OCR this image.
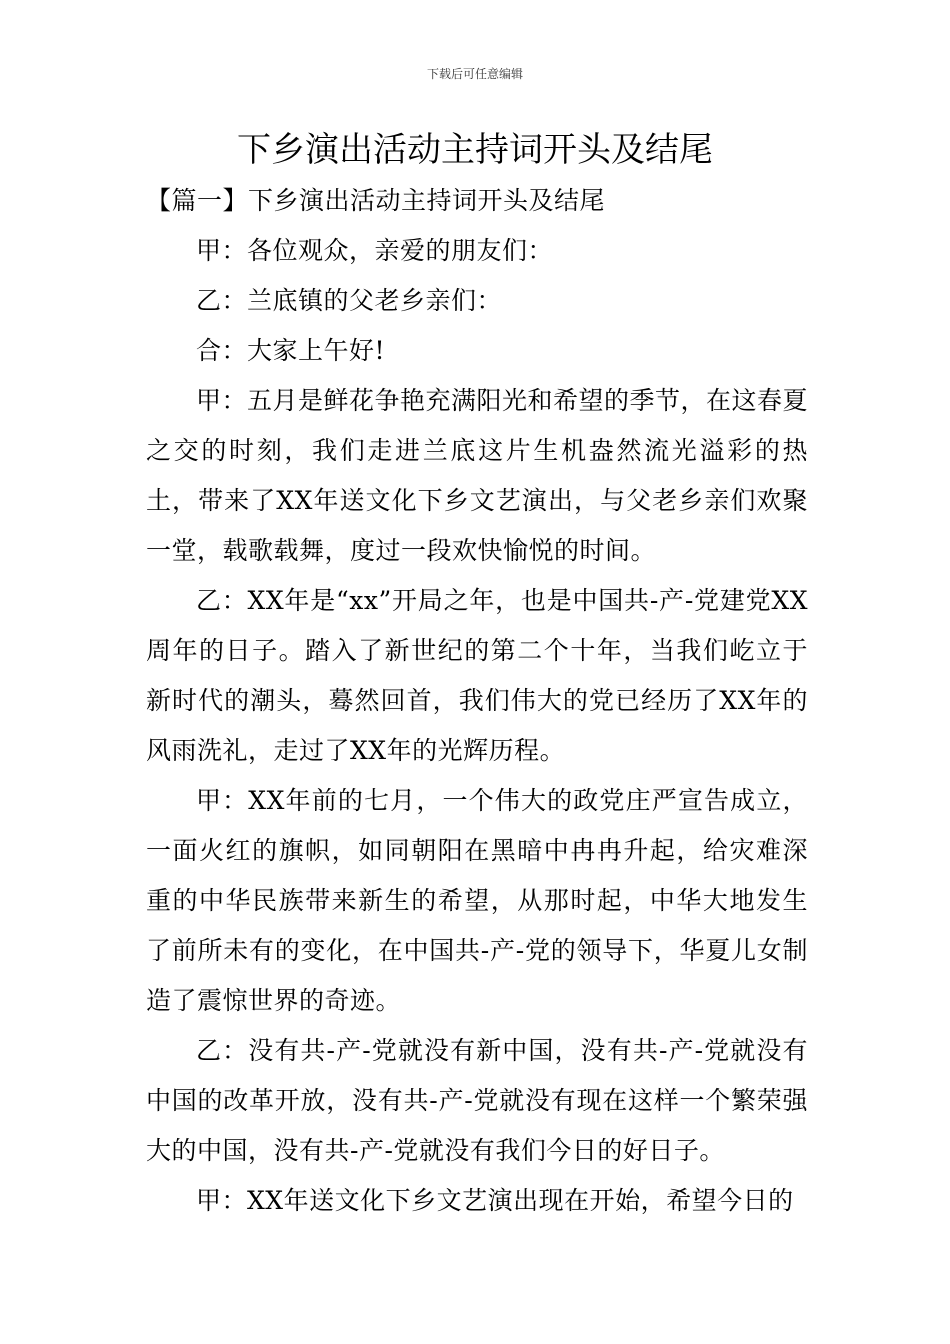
下载后可任意编辑
下乡演出活动主持词开头及结尾

【篇一】下乡演出活动主持词开头及结尾

甲：各位观众，亲爱的朋友们：

乙：兰底镇的父老乡亲们：

合：大家上午好!

甲：五月是鲜花争艳充满阳光和希望的季节，在这春夏之交的时刻，我们走进兰底这片生机盎然流光溢彩的热土，带来了XX年送文化下乡文艺演出，与父老乡亲们欢聚一堂，载歌载舞，度过一段欢快愉悦的时间。

乙：XX年是“xx”开局之年，也是中国共-产-党建党XX周年的日子。踏入了新世纪的第二个十年，当我们屹立于新时代的潮头，蓦然回首，我们伟大的党已经历了XX年的风雨洗礼，走过了XX年的光辉历程。

甲：XX年前的七月，一个伟大的政党庄严宣告成立，一面火红的旗帜，如同朝阳在黑暗中冉冉升起，给灾难深重的中华民族带来新生的希望，从那时起，中华大地发生了前所未有的变化，在中国共-产-党的领导下，华夏儿女制造了震惊世界的奇迹。

乙：没有共-产-党就没有新中国，没有共-产-党就没有中国的改革开放，没有共-产-党就没有现在这样一个繁荣强大的中国，没有共-产-党就没有我们今日的好日子。

甲：XX年送文化下乡文艺演出现在开始，希望今日的
